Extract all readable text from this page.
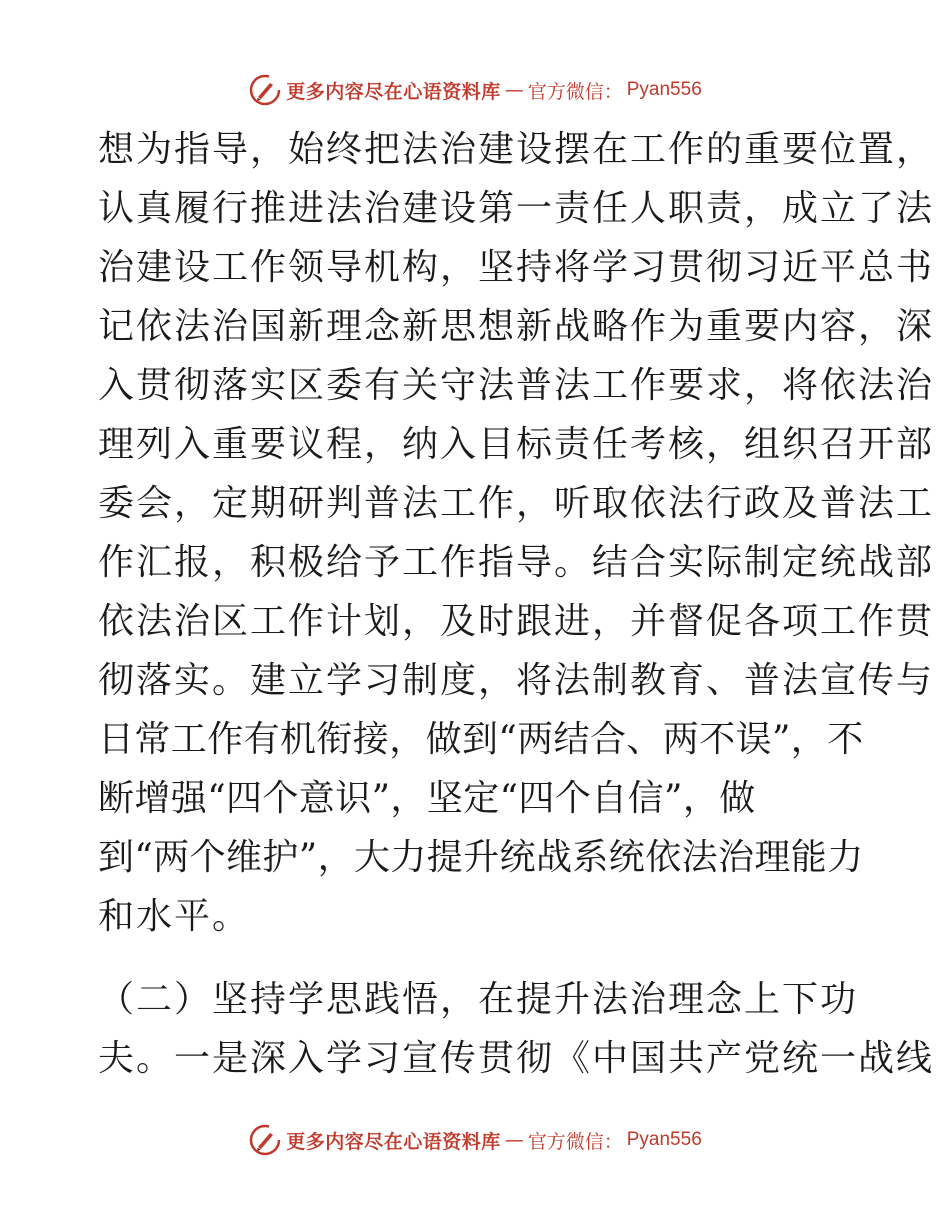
更多内容尽在心语资料库 — 官方微信： Pyan556
想为指导，始终把法治建设摆在工作的重要位置，
认真履行推进法治建设第一责任人职责，成立了法
治建设工作领导机构，坚持将学习贯彻习近平总书
记依法治国新理念新思想新战略作为重要内容，深
入贯彻落实区委有关守法普法工作要求，将依法治
理列入重要议程，纳入目标责任考核，组织召开部
委会，定期研判普法工作，听取依法行政及普法工
作汇报，积极给予工作指导。结合实际制定统战部
依法治区工作计划，及时跟进，并督促各项工作贯
彻落实。建立学习制度，将法制教育、普法宣传与
日常工作有机衔接，做到“两结合、两不误”，不
断增强“四个意识”，坚定“四个自信”，做
到“两个维护”，大力提升统战系统依法治理能力
和水平。
（二）坚持学思践悟，在提升法治理念上下功
夫。一是深入学习宣传贯彻《中国共产党统一战线
更多内容尽在心语资料库 — 官方微信： Pyan556
